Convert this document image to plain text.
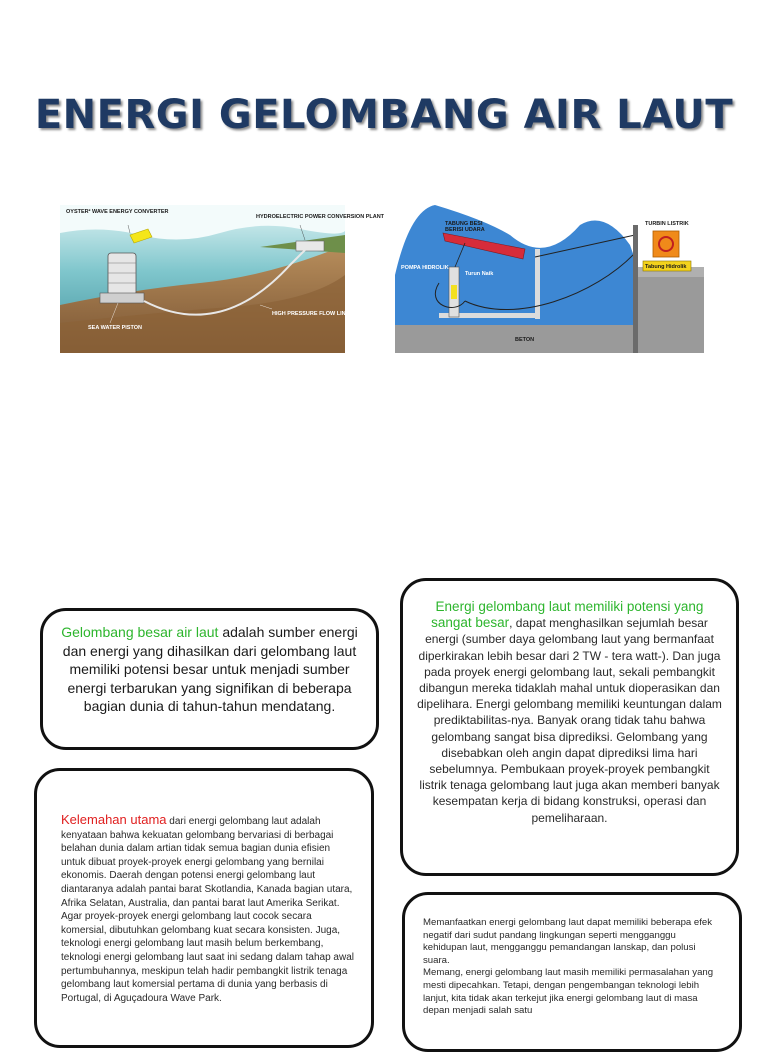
ENERGI GELOMBANG AIR LAUT
OYSTER² WAVE ENERGY CONVERTER
HYDROELECTRIC POWER CONVERSION PLANT
HIGH PRESSURE FLOW LINE
SEA WATER PISTON
TABUNG BESI BERISI UDARA
TURBIN LISTRIK
POMPA HIDROLIK
Turun Naik
Tabung Hidrolik
BETON

Gelombang besar air laut adalah sumber energi dan energi yang dihasilkan dari gelombang laut memiliki potensi besar untuk menjadi sumber energi terbarukan yang signifikan di beberapa bagian dunia di tahun-tahun mendatang.

Energi gelombang laut memiliki potensi yang sangat besar, dapat menghasilkan sejumlah besar energi (sumber daya gelombang laut yang bermanfaat diperkirakan lebih besar dari 2 TW - tera watt-). Dan juga pada proyek energi gelombang laut, sekali pembangkit dibangun mereka tidaklah mahal untuk dioperasikan dan dipelihara. Energi gelombang memiliki keuntungan dalam prediktabilitas-nya. Banyak orang tidak tahu bahwa gelombang sangat bisa diprediksi. Gelombang yang disebabkan oleh angin dapat diprediksi lima hari sebelumnya. Pembukaan proyek-proyek pembangkit listrik tenaga gelombang laut juga akan memberi banyak kesempatan kerja di bidang konstruksi, operasi dan pemeliharaan.

Kelemahan utama dari energi gelombang laut adalah kenyataan bahwa kekuatan gelombang bervariasi di berbagai belahan dunia dalam artian tidak semua bagian dunia efisien untuk dibuat proyek-proyek energi gelombang yang bernilai ekonomis. Daerah dengan potensi energi gelombang laut diantaranya adalah pantai barat Skotlandia, Kanada bagian utara, Afrika Selatan, Australia, dan pantai barat laut Amerika Serikat. Agar proyek-proyek energi gelombang laut cocok secara komersial, dibutuhkan gelombang kuat secara konsisten. Juga, teknologi energi gelombang laut masih belum berkembang, teknologi energi gelombang laut saat ini sedang dalam tahap awal pertumbuhannya, meskipun telah hadir pembangkit listrik tenaga gelombang laut komersial pertama di dunia yang berbasis di Portugal, di Aguçadoura Wave Park.

Memanfaatkan energi gelombang laut dapat memiliki beberapa efek negatif dari sudut pandang lingkungan seperti mengganggu kehidupan laut, mengganggu pemandangan lanskap, dan polusi suara.

Memang, energi gelombang laut masih memiliki permasalahan yang mesti dipecahkan. Tetapi, dengan pengembangan teknologi lebih lanjut, kita tidak akan terkejut jika energi gelombang laut di masa depan menjadi salah satu
